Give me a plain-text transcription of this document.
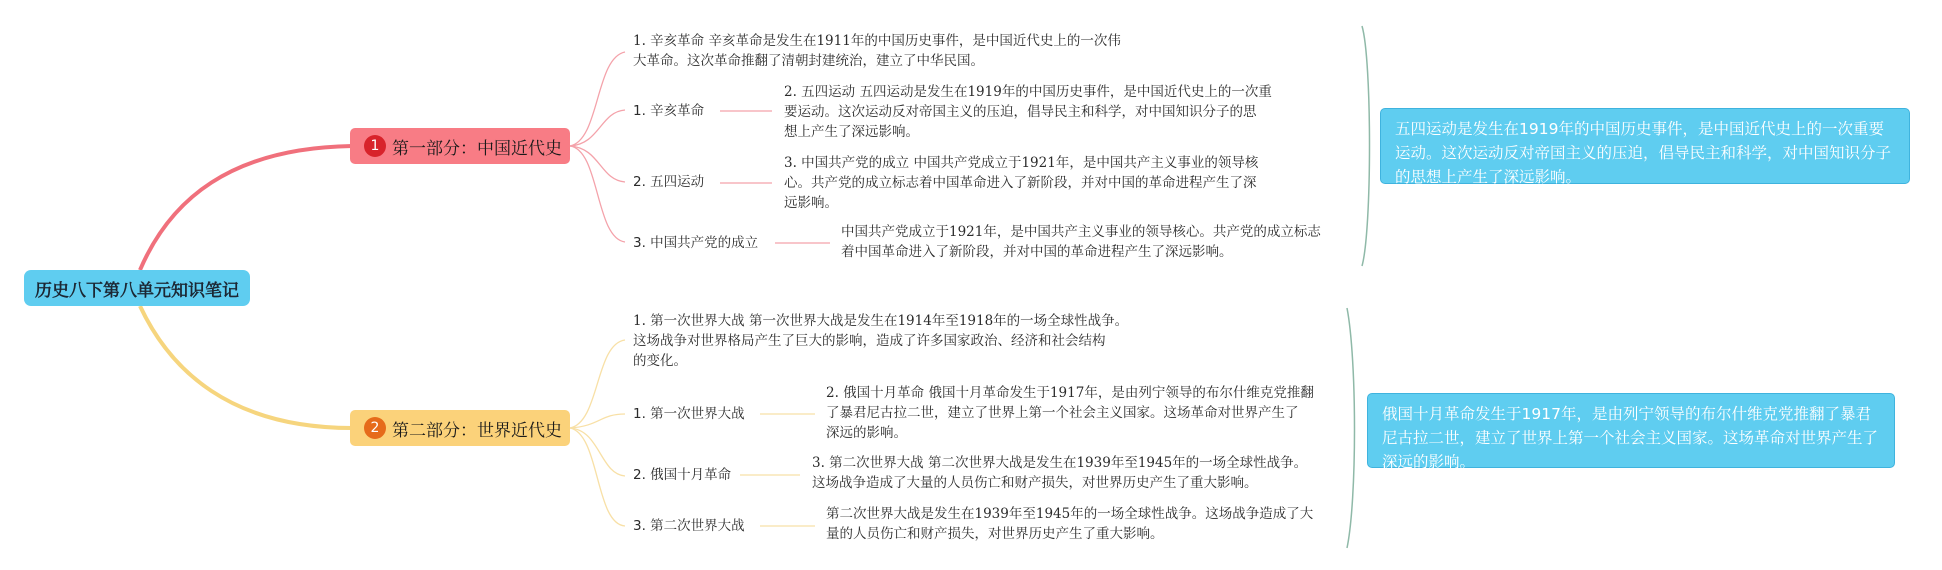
历史八下第八单元知识笔记
1 第一部分：中国近代史
2 第二部分：世界近代史
1. 辛亥革命 辛亥革命是发生在1911年的中国历史事件，是中国近代史上的一次伟
大革命。这次革命推翻了清朝封建统治，建立了中华民国。
1. 辛亥革命
2. 五四运动 五四运动是发生在1919年的中国历史事件，是中国近代史上的一次重
要运动。这次运动反对帝国主义的压迫，倡导民主和科学，对中国知识分子的思
想上产生了深远影响。
2. 五四运动
3. 中国共产党的成立 中国共产党成立于1921年，是中国共产主义事业的领导核
心。共产党的成立标志着中国革命进入了新阶段，并对中国的革命进程产生了深
远影响。
3. 中国共产党的成立
中国共产党成立于1921年，是中国共产主义事业的领导核心。共产党的成立标志
着中国革命进入了新阶段，并对中国的革命进程产生了深远影响。
五四运动是发生在1919年的中国历史事件，是中国近代史上的一次重要运动。这次运动反对帝国主义的压迫，倡导民主和科学，对中国知识分子的思想上产生了深远影响。
1. 第一次世界大战 第一次世界大战是发生在1914年至1918年的一场全球性战争。
这场战争对世界格局产生了巨大的影响，造成了许多国家政治、经济和社会结构
的变化。
1. 第一次世界大战
2. 俄国十月革命 俄国十月革命发生于1917年，是由列宁领导的布尔什维克党推翻
了暴君尼古拉二世，建立了世界上第一个社会主义国家。这场革命对世界产生了
深远的影响。
2. 俄国十月革命
3. 第二次世界大战 第二次世界大战是发生在1939年至1945年的一场全球性战争。
这场战争造成了大量的人员伤亡和财产损失，对世界历史产生了重大影响。
3. 第二次世界大战
第二次世界大战是发生在1939年至1945年的一场全球性战争。这场战争造成了大
量的人员伤亡和财产损失，对世界历史产生了重大影响。
俄国十月革命发生于1917年，是由列宁领导的布尔什维克党推翻了暴君尼古拉二世，建立了世界上第一个社会主义国家。这场革命对世界产生了深远的影响。
